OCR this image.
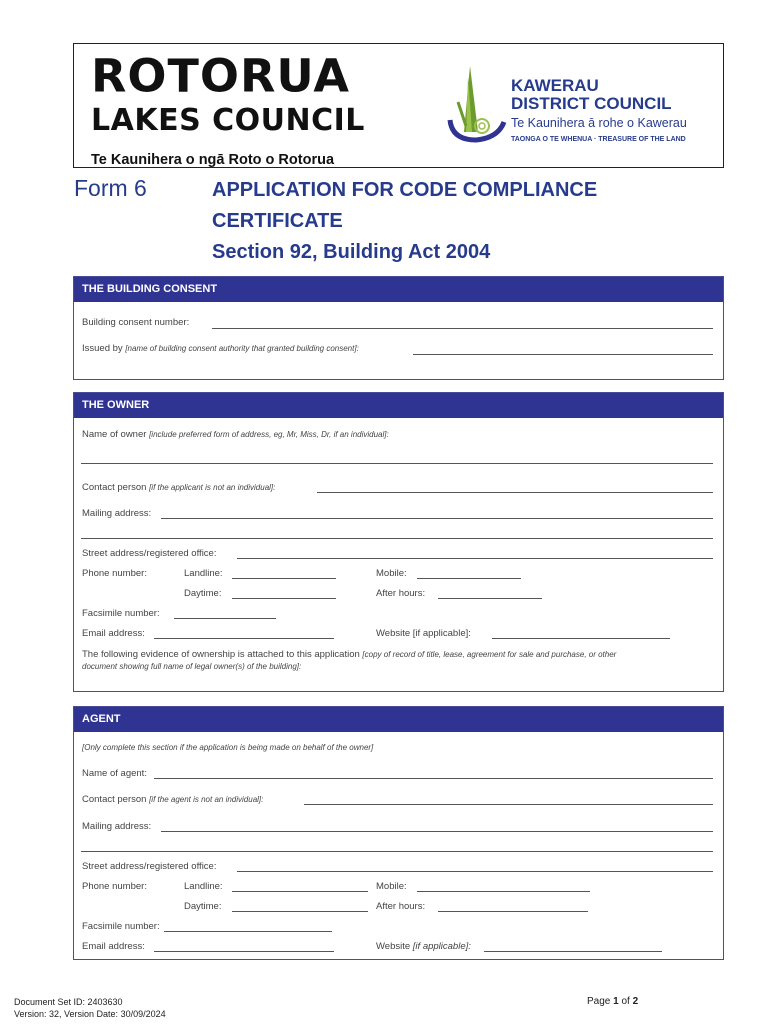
ROTORUA
LAKES COUNCIL
Te Kaunihera o ngā Roto o Rotorua
KAWERAU
DISTRICT COUNCIL
Te Kaunihera ā rohe o Kawerau
TAONGA O TE WHENUA · TREASURE OF THE LAND
Form 6	APPLICATION FOR CODE COMPLIANCE
CERTIFICATE
Section 92, Building Act 2004
THE BUILDING CONSENT
Building consent number:
Issued by [name of building consent authority that granted building consent]:
THE OWNER
Name of owner [include preferred form of address, eg, Mr, Miss, Dr, if an individual]:
Contact person [if the applicant is not an individual]:
Mailing address:
Street address/registered office:
Phone number:	Landline:	Mobile:
Daytime:	After hours:
Facsimile number:
Email address:	Website [if applicable]:
The following evidence of ownership is attached to this application [copy of record of title, lease, agreement for sale and purchase, or other
document showing full name of legal owner(s) of the building]:
AGENT
[Only complete this section if the application is being made on behalf of the owner]
Name of agent:
Contact person [if the agent is not an individual]:
Mailing address:
Street address/registered office:
Phone number:	Landline:	Mobile:
Daytime:	After hours:
Facsimile number:
Email address:	Website [if applicable]:
Document Set ID: 2403630
Version: 32, Version Date: 30/09/2024
Page 1 of 2
